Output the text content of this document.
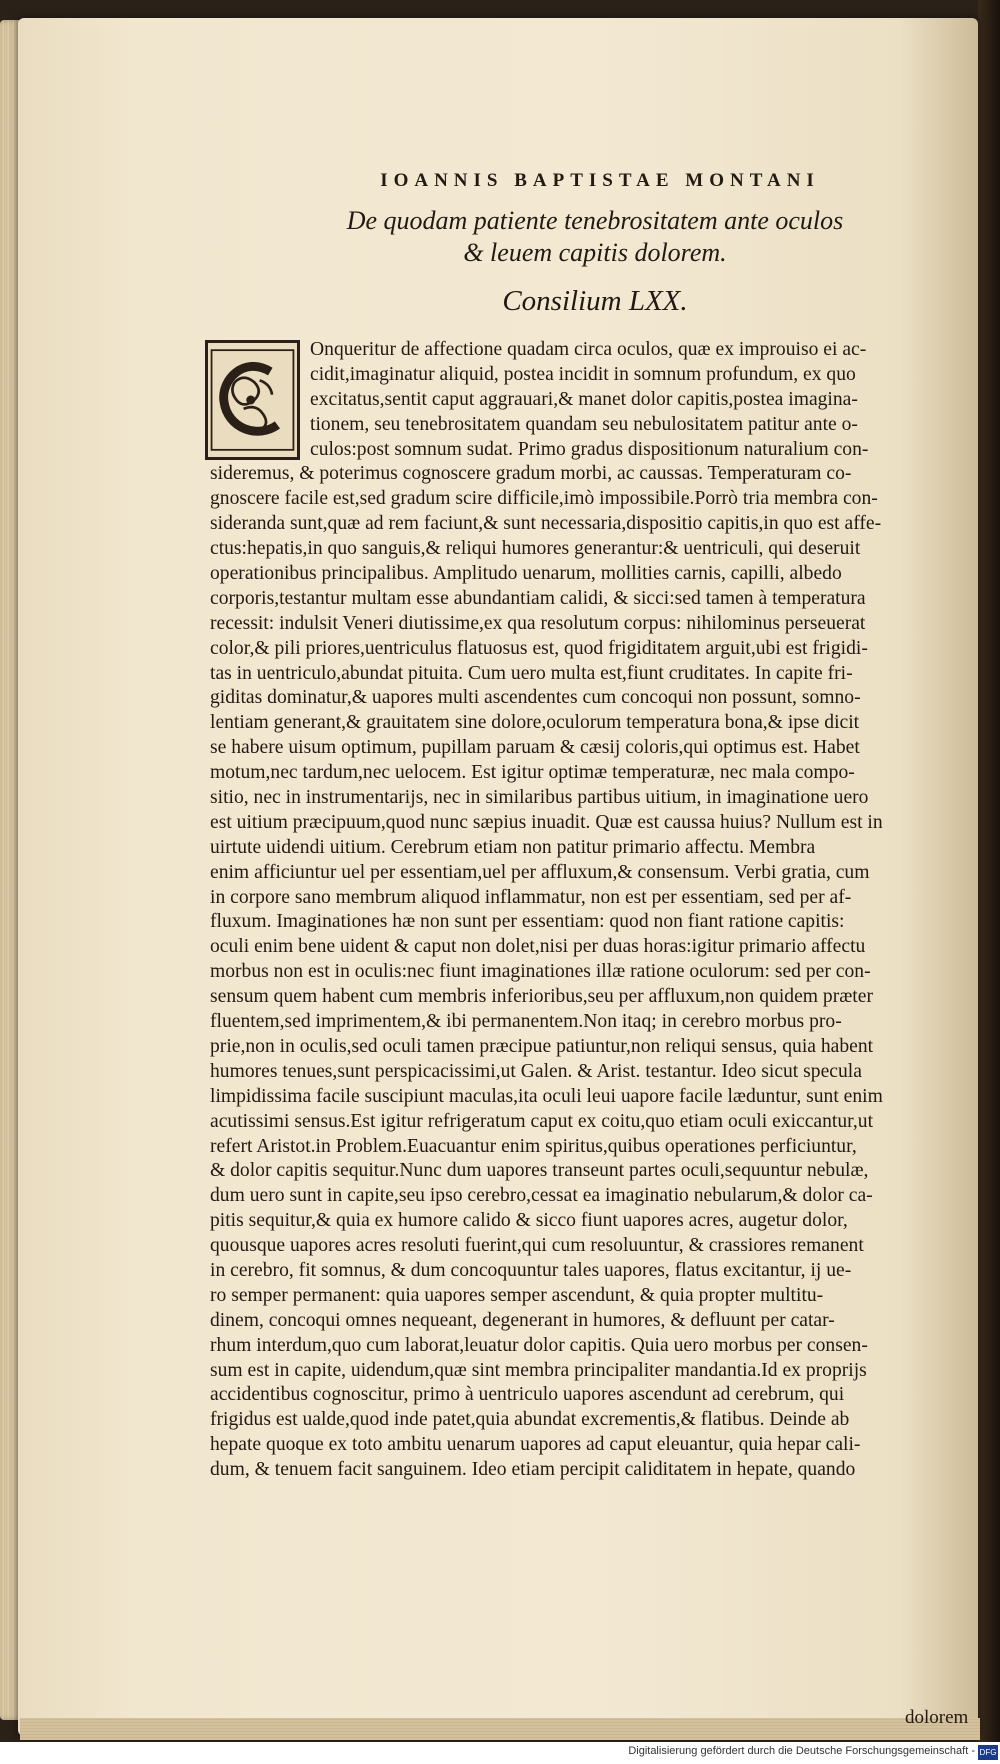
IOANNIS BAPTISTAE MONTANI
De quodam patiente tenebrositatem ante oculos
& leuem capitis dolorem.
Consilium LXX.
Onqueritur de affectione quadam circa oculos, quæ ex improuiso ei ac-
cidit,imaginatur aliquid, postea incidit in somnum profundum, ex quo
excitatus,sentit caput aggrauari,& manet dolor capitis,postea imagina-
tionem, seu tenebrositatem quandam seu nebulositatem patitur ante o-
culos:post somnum sudat. Primo gradus dispositionum naturalium con-
sideremus, & poterimus cognoscere gradum morbi, ac caussas. Temperaturam co-
gnoscere facile est,sed gradum scire difficile,imò impossibile.Porrò tria membra con-
sideranda sunt,quæ ad rem faciunt,& sunt necessaria,dispositio capitis,in quo est affe-
ctus:hepatis,in quo sanguis,& reliqui humores generantur:& uentriculi, qui deseruit
operationibus principalibus. Amplitudo uenarum, mollities carnis, capilli, albedo
corporis,testantur multam esse abundantiam calidi, & sicci:sed tamen à temperatura
recessit: indulsit Veneri diutissime,ex qua resolutum corpus: nihilominus perseuerat
color,& pili priores,uentriculus flatuosus est, quod frigiditatem arguit,ubi est frigidi-
tas in uentriculo,abundat pituita. Cum uero multa est,fiunt cruditates. In capite fri-
giditas dominatur,& uapores multi ascendentes cum concoqui non possunt, somno-
lentiam generant,& grauitatem sine dolore,oculorum temperatura bona,& ipse dicit
se habere uisum optimum, pupillam paruam & cæsij coloris,qui optimus est. Habet
motum,nec tardum,nec uelocem. Est igitur optimæ temperaturæ, nec mala compo-
sitio, nec in instrumentarijs, nec in similaribus partibus uitium, in imaginatione uero
est uitium præcipuum,quod nunc sæpius inuadit. Quæ est caussa huius? Nullum est in
uirtute uidendi uitium. Cerebrum etiam non patitur primario affectu. Membra
enim afficiuntur uel per essentiam,uel per affluxum,& consensum. Verbi gratia, cum
in corpore sano membrum aliquod inflammatur, non est per essentiam, sed per af-
fluxum. Imaginationes hæ non sunt per essentiam: quod non fiant ratione capitis:
oculi enim bene uident & caput non dolet,nisi per duas horas:igitur primario affectu
morbus non est in oculis:nec fiunt imaginationes illæ ratione oculorum: sed per con-
sensum quem habent cum membris inferioribus,seu per affluxum,non quidem præter
fluentem,sed imprimentem,& ibi permanentem.Non itaq; in cerebro morbus pro-
prie,non in oculis,sed oculi tamen præcipue patiuntur,non reliqui sensus, quia habent
humores tenues,sunt perspicacissimi,ut Galen. & Arist. testantur. Ideo sicut specula
limpidissima facile suscipiunt maculas,ita oculi leui uapore facile læduntur, sunt enim
acutissimi sensus.Est igitur refrigeratum caput ex coitu,quo etiam oculi exiccantur,ut
refert Aristot.in Problem.Euacuantur enim spiritus,quibus operationes perficiuntur,
& dolor capitis sequitur.Nunc dum uapores transeunt partes oculi,sequuntur nebulæ,
dum uero sunt in capite,seu ipso cerebro,cessat ea imaginatio nebularum,& dolor ca-
pitis sequitur,& quia ex humore calido & sicco fiunt uapores acres, augetur dolor,
quousque uapores acres resoluti fuerint,qui cum resoluuntur, & crassiores remanent
in cerebro, fit somnus, & dum concoquuntur tales uapores, flatus excitantur, ij ue-
ro semper permanent: quia uapores semper ascendunt, & quia propter multitu-
dinem, concoqui omnes nequeant, degenerant in humores, & defluunt per catar-
rhum interdum,quo cum laborat,leuatur dolor capitis. Quia uero morbus per consen-
sum est in capite, uidendum,quæ sint membra principaliter mandantia.Id ex proprijs
accidentibus cognoscitur, primo à uentriculo uapores ascendunt ad cerebrum, qui
frigidus est ualde,quod inde patet,quia abundat excrementis,& flatibus. Deinde ab
hepate quoque ex toto ambitu uenarum uapores ad caput eleuantur, quia hepar cali-
dum, & tenuem facit sanguinem. Ideo etiam percipit caliditatem in hepate, quando
dolorem
Digitalisierung gefördert durch die Deutsche Forschungsgemeinschaft - DFG
